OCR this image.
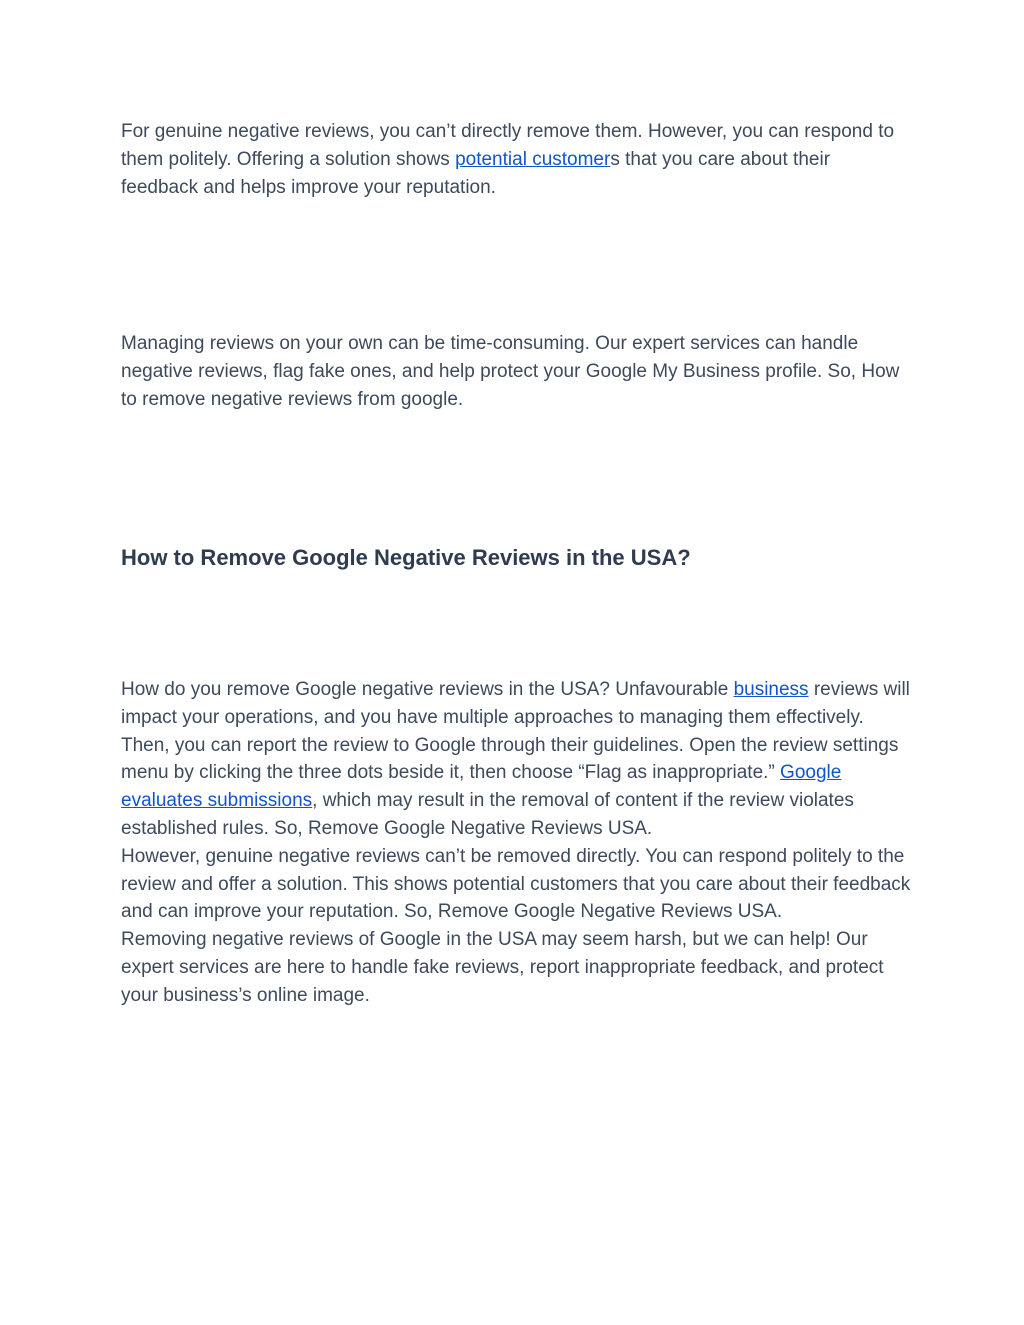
For genuine negative reviews, you can’t directly remove them. However, you can respond to them politely. Offering a solution shows potential customers that you care about their feedback and helps improve your reputation.

Managing reviews on your own can be time-consuming. Our expert services can handle negative reviews, flag fake ones, and help protect your Google My Business profile. So, How to remove negative reviews from google.

How to Remove Google Negative Reviews in the USA?

How do you remove Google negative reviews in the USA? Unfavourable business reviews will impact your operations, and you have multiple approaches to managing them effectively.
Then, you can report the review to Google through their guidelines. Open the review settings menu by clicking the three dots beside it, then choose “Flag as inappropriate.” Google evaluates submissions, which may result in the removal of content if the review violates established rules. So, Remove Google Negative Reviews USA.
However, genuine negative reviews can’t be removed directly. You can respond politely to the review and offer a solution. This shows potential customers that you care about their feedback and can improve your reputation. So, Remove Google Negative Reviews USA.
Removing negative reviews of Google in the USA may seem harsh, but we can help! Our expert services are here to handle fake reviews, report inappropriate feedback, and protect your business’s online image.
